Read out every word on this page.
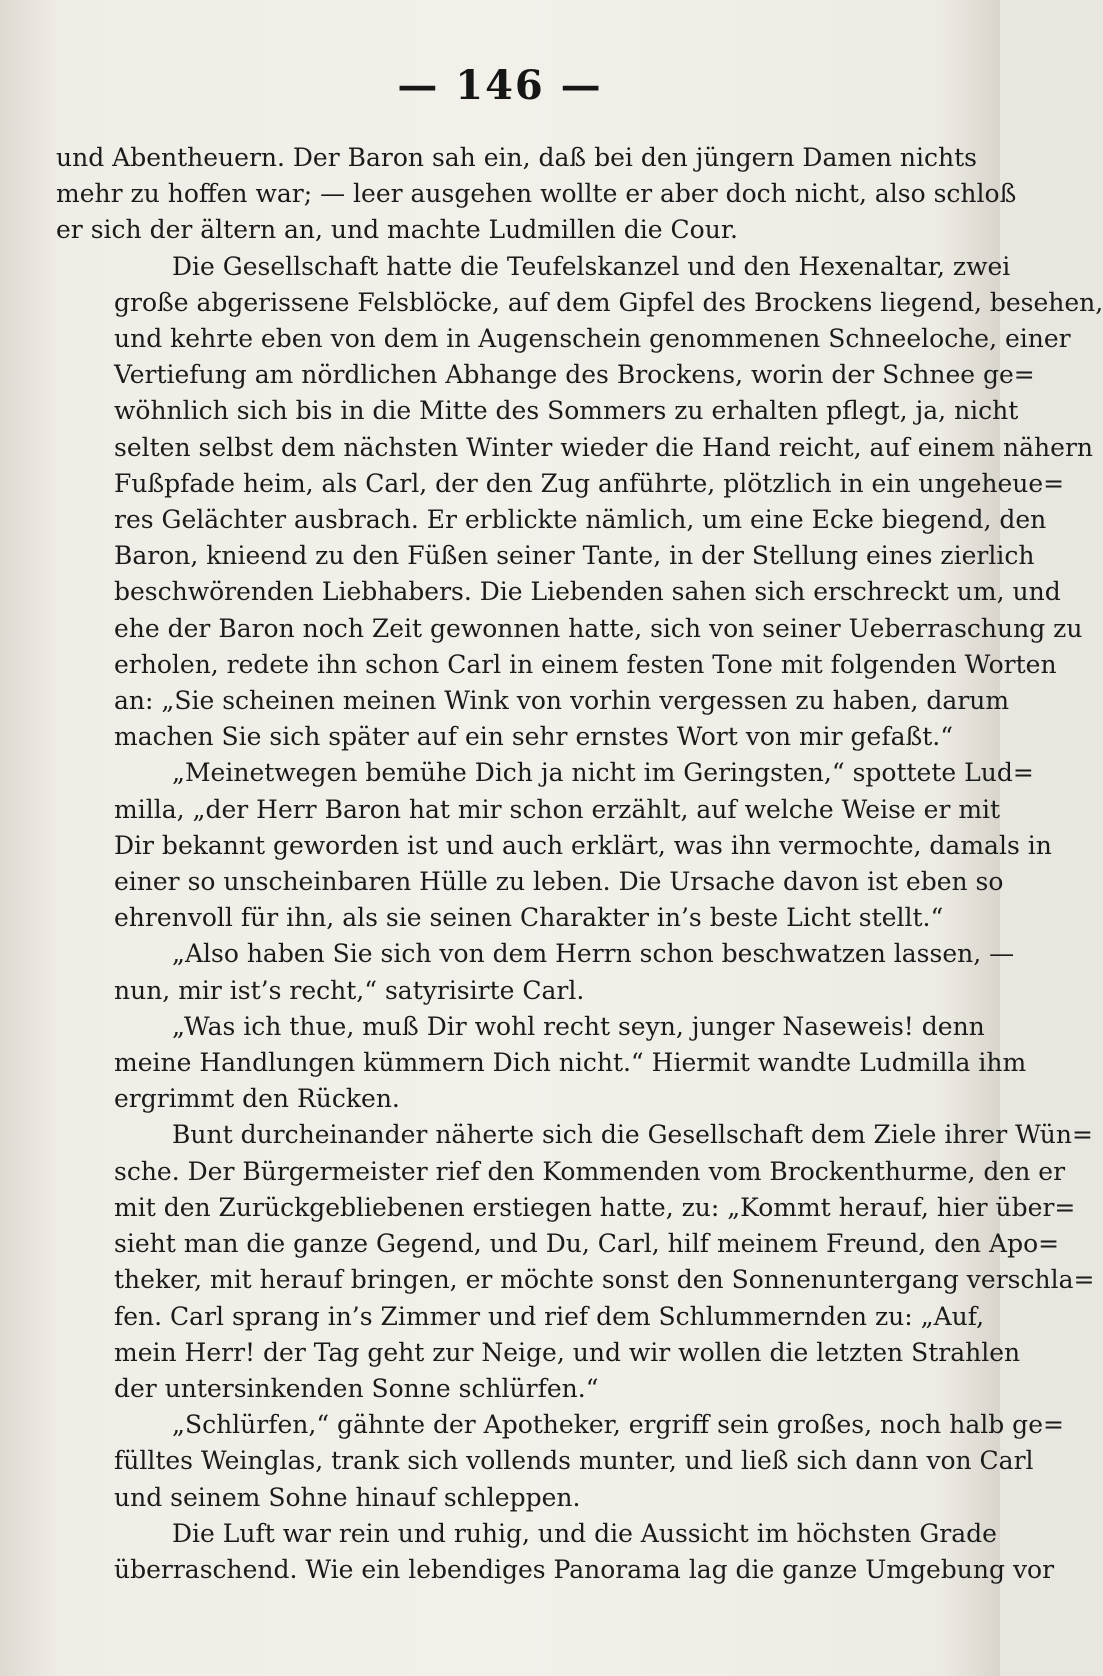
— 146 —
und Abentheuern. Der Baron sah ein, daß bei den jüngern Damen nichts
mehr zu hoffen war; — leer ausgehen wollte er aber doch nicht, also schloß
er sich der ältern an, und machte Ludmillen die Cour.
Die Gesellschaft hatte die Teufelskanzel und den Hexenaltar, zwei
große abgerissene Felsblöcke, auf dem Gipfel des Brockens liegend, besehen,
und kehrte eben von dem in Augenschein genommenen Schneeloche, einer
Vertiefung am nördlichen Abhange des Brockens, worin der Schnee ge=
wöhnlich sich bis in die Mitte des Sommers zu erhalten pflegt, ja, nicht
selten selbst dem nächsten Winter wieder die Hand reicht, auf einem nähern
Fußpfade heim, als Carl, der den Zug anführte, plötzlich in ein ungeheue=
res Gelächter ausbrach. Er erblickte nämlich, um eine Ecke biegend, den
Baron, knieend zu den Füßen seiner Tante, in der Stellung eines zierlich
beschwörenden Liebhabers. Die Liebenden sahen sich erschreckt um, und
ehe der Baron noch Zeit gewonnen hatte, sich von seiner Ueberraschung zu
erholen, redete ihn schon Carl in einem festen Tone mit folgenden Worten
an: „Sie scheinen meinen Wink von vorhin vergessen zu haben, darum
machen Sie sich später auf ein sehr ernstes Wort von mir gefaßt.“
„Meinetwegen bemühe Dich ja nicht im Geringsten,“ spottete Lud=
milla, „der Herr Baron hat mir schon erzählt, auf welche Weise er mit
Dir bekannt geworden ist und auch erklärt, was ihn vermochte, damals in
einer so unscheinbaren Hülle zu leben. Die Ursache davon ist eben so
ehrenvoll für ihn, als sie seinen Charakter in’s beste Licht stellt.“
„Also haben Sie sich von dem Herrn schon beschwatzen lassen, —
nun, mir ist’s recht,“ satyrisirte Carl.
„Was ich thue, muß Dir wohl recht seyn, junger Naseweis! denn
meine Handlungen kümmern Dich nicht.“ Hiermit wandte Ludmilla ihm
ergrimmt den Rücken.
Bunt durcheinander näherte sich die Gesellschaft dem Ziele ihrer Wün=
sche. Der Bürgermeister rief den Kommenden vom Brockenthurme, den er
mit den Zurückgebliebenen erstiegen hatte, zu: „Kommt herauf, hier über=
sieht man die ganze Gegend, und Du, Carl, hilf meinem Freund, den Apo=
theker, mit herauf bringen, er möchte sonst den Sonnenuntergang verschla=
fen. Carl sprang in’s Zimmer und rief dem Schlummernden zu: „Auf,
mein Herr! der Tag geht zur Neige, und wir wollen die letzten Strahlen
der untersinkenden Sonne schlürfen.“
„Schlürfen,“ gähnte der Apotheker, ergriff sein großes, noch halb ge=
fülltes Weinglas, trank sich vollends munter, und ließ sich dann von Carl
und seinem Sohne hinauf schleppen.
Die Luft war rein und ruhig, und die Aussicht im höchsten Grade
überraschend. Wie ein lebendiges Panorama lag die ganze Umgebung vor
